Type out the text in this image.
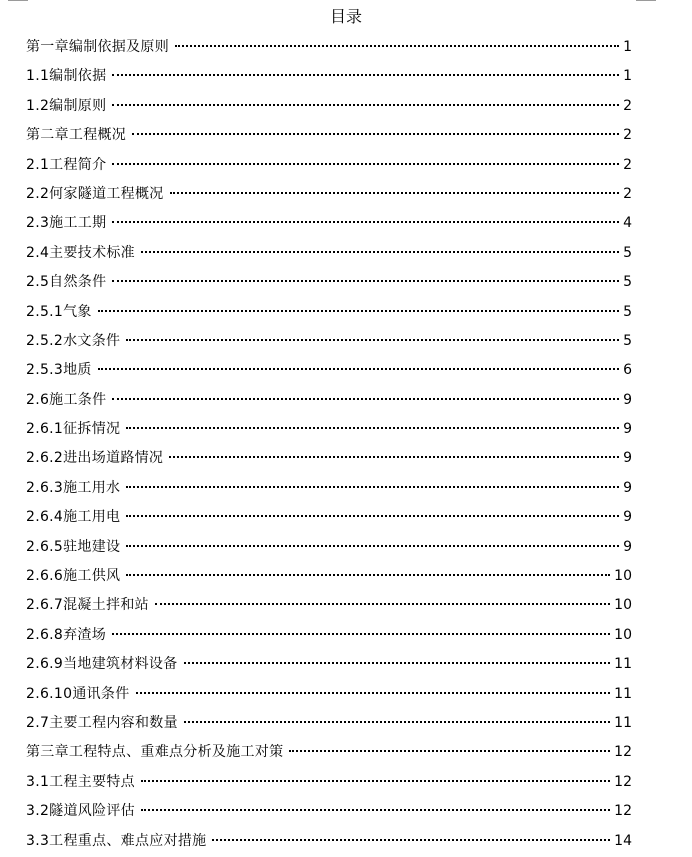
目录
第一章编制依据及原则	1
1.1编制依据	1
1.2编制原则	2
第二章工程概况	2
2.1工程简介	2
2.2何家隧道工程概况	2
2.3施工工期	4
2.4主要技术标准	5
2.5自然条件	5
2.5.1气象	5
2.5.2水文条件	5
2.5.3地质	6
2.6施工条件	9
2.6.1征拆情况	9
2.6.2进出场道路情况	9
2.6.3施工用水	9
2.6.4施工用电	9
2.6.5驻地建设	9
2.6.6施工供风	10
2.6.7混凝土拌和站	10
2.6.8弃渣场	10
2.6.9当地建筑材料设备	11
2.6.10通讯条件	11
2.7主要工程内容和数量	11
第三章工程特点、重难点分析及施工对策	12
3.1工程主要特点	12
3.2隧道风险评估	12
3.3工程重点、难点应对措施	14
